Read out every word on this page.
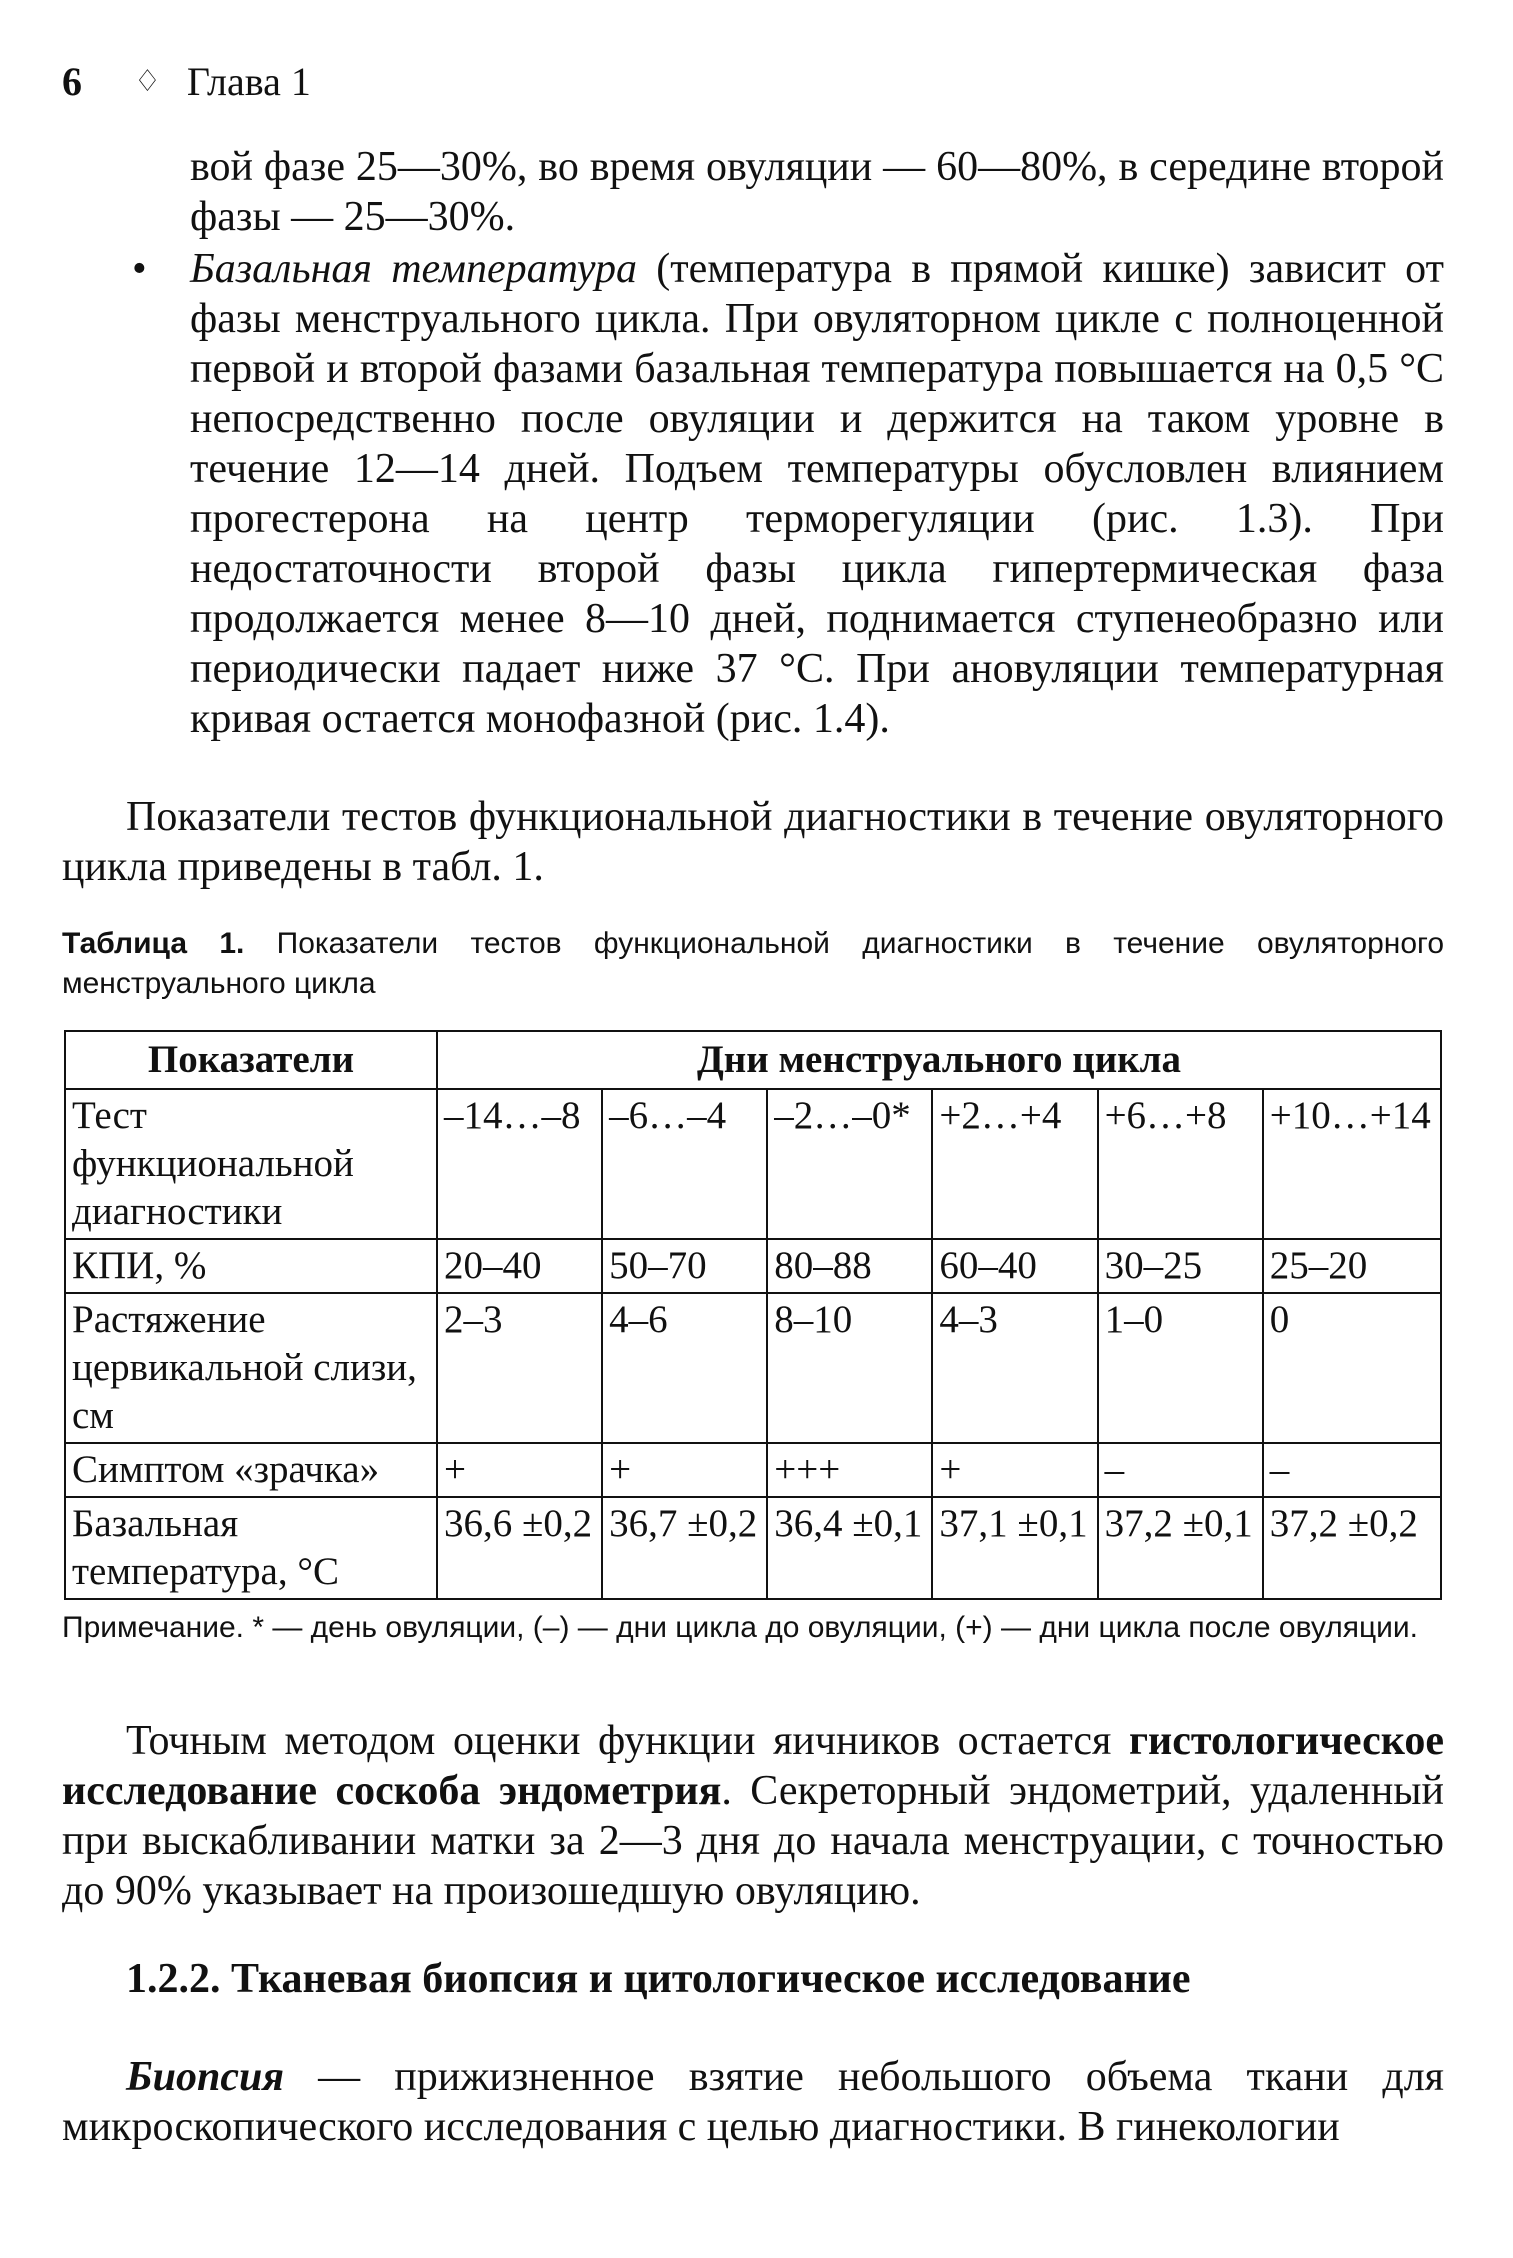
6 ♢ Глава 1
вой фазе 25—30%, во время овуляции — 60—80%, в середине второй фазы — 25—30%.
• Базальная температура (температура в прямой кишке) зависит от фазы менструального цикла. При овуляторном цикле с полноценной первой и второй фазами базальная температура повышается на 0,5 °С непосредственно после овуляции и держится на таком уровне в течение 12—14 дней. Подъем температуры обусловлен влиянием прогестерона на центр терморегуляции (рис. 1.3). При недостаточности второй фазы цикла гипертермическая фаза продолжается менее 8—10 дней, поднимается ступенеобразно или периодически падает ниже 37 °С. При ановуляции температурная кривая остается монофазной (рис. 1.4).
Показатели тестов функциональной диагностики в течение овуляторного цикла приведены в табл. 1.
Таблица 1. Показатели тестов функциональной диагностики в течение овуляторного менструального цикла
Показатели	Дни менструального цикла					
Тест функциональной диагностики	–14…–8	–6…–4	–2…–0*	+2…+4	+6…+8	+10…+14
КПИ, %	20–40	50–70	80–88	60–40	30–25	25–20
Растяжение цервикальной слизи, см	2–3	4–6	8–10	4–3	1–0	0
Симптом «зрачка»	+	+	+++	+	–	–
Базальная температура, °С	36,6 ±0,2	36,7 ±0,2	36,4 ±0,1	37,1 ±0,1	37,2 ±0,1	37,2 ±0,2
Примечание. * — день овуляции, (–) — дни цикла до овуляции, (+) — дни цикла после овуляции.
Точным методом оценки функции яичников остается гистологическое исследование соскоба эндометрия. Секреторный эндометрий, удаленный при выскабливании матки за 2—3 дня до начала менструации, с точностью до 90% указывает на произошедшую овуляцию.
1.2.2. Тканевая биопсия и цитологическое исследование
Биопсия — прижизненное взятие небольшого объема ткани для микроскопического исследования с целью диагностики. В гинекологии
